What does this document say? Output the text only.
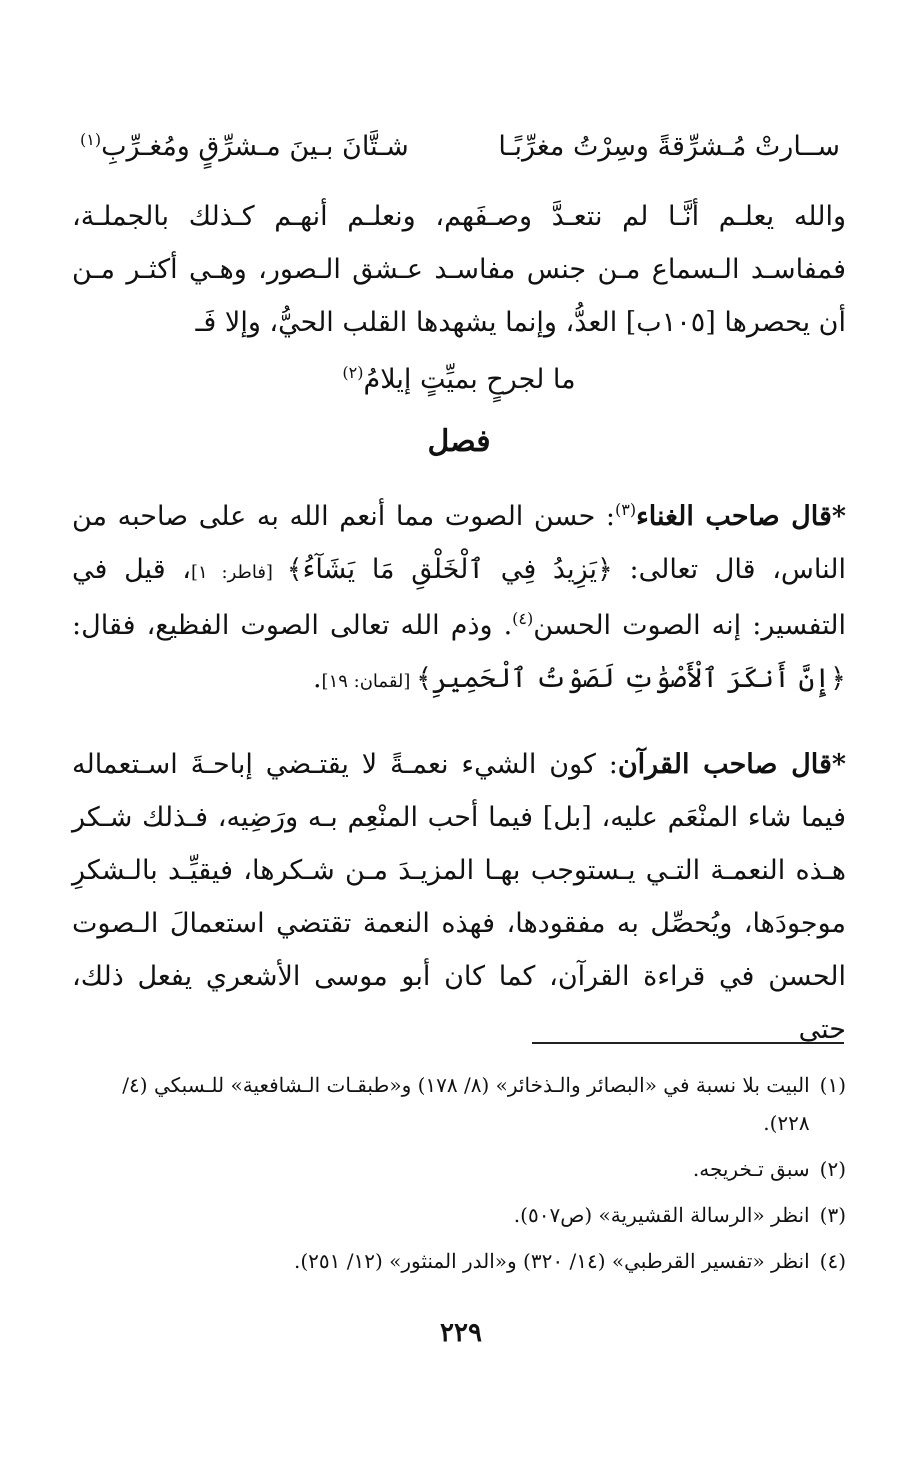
ســارتْ مُـشرِّقةً وسِرْتُ مغرِّبًـا
شـتَّانَ بـينَ مـشرِّقٍ ومُغـرِّبِ$^{(١)}$
والله يعلـم أنَّـا لم نتعـدَّ وصـفَهم، ونعلـم أنهـم كـذلك بالجملـة، فمفاسـد الـسماع مـن جنس مفاسـد عـشق الـصور، وهـي أكثـر مـن أن يحصرها [١٠٥ب] العدُّ، وإنما يشهدها القلب الحيُّ، وإلا فَـ
ما لجرحٍ بميِّتٍ إيلامُ$^{(٢)}$
فصل
*قال صاحب الغناء$^{(٣)}$: حسن الصوت مما أنعم الله به على صاحبه من الناس، قال تعالى: ﴿يَزِيدُ فِي ٱلْخَلْقِ مَا يَشَآءُ﴾ [فاطر: ١]، قيل في التفسير: إنه الصوت الحسن$^{(٤)}$. وذم الله تعالى الصوت الفظيع، فقال: ﴿إِنَّ أَنكَرَ ٱلْأَصْوَٰتِ لَصَوْتُ ٱلْحَمِيرِ﴾ [لقمان: ١٩].
*قال صاحب القرآن: كون الشيء نعمـةً لا يقتـضي إباحـةَ اسـتعماله فيما شاء المنْعَم عليه، [بل] فيما أحب المنْعِم بـه ورَضِيه، فـذلك شـكر هـذه النعمـة التـي يـستوجب بهـا المزيـدَ مـن شـكرها، فيقيِّـد بالـشكرِ موجودَها، ويُحصِّل به مفقودها، فهذه النعمة تقتضي استعمالَ الـصوت الحسن في قراءة القرآن، كما كان أبو موسى الأشعري يفعل ذلك، حتى
(١)
البيت بلا نسبة في «البصائر والـذخائر» (٨/ ١٧٨) و«طبقـات الـشافعية» للـسبكي (٤/ ٢٢٨).
(٢)
سبق تـخريجه.
(٣)
انظر «الرسالة القشيرية» (ص٥٠٧).
(٤)
انظر «تفسير القرطبي» (١٤/ ٣٢٠) و«الدر المنثور» (١٢/ ٢٥١).
٢٢٩
